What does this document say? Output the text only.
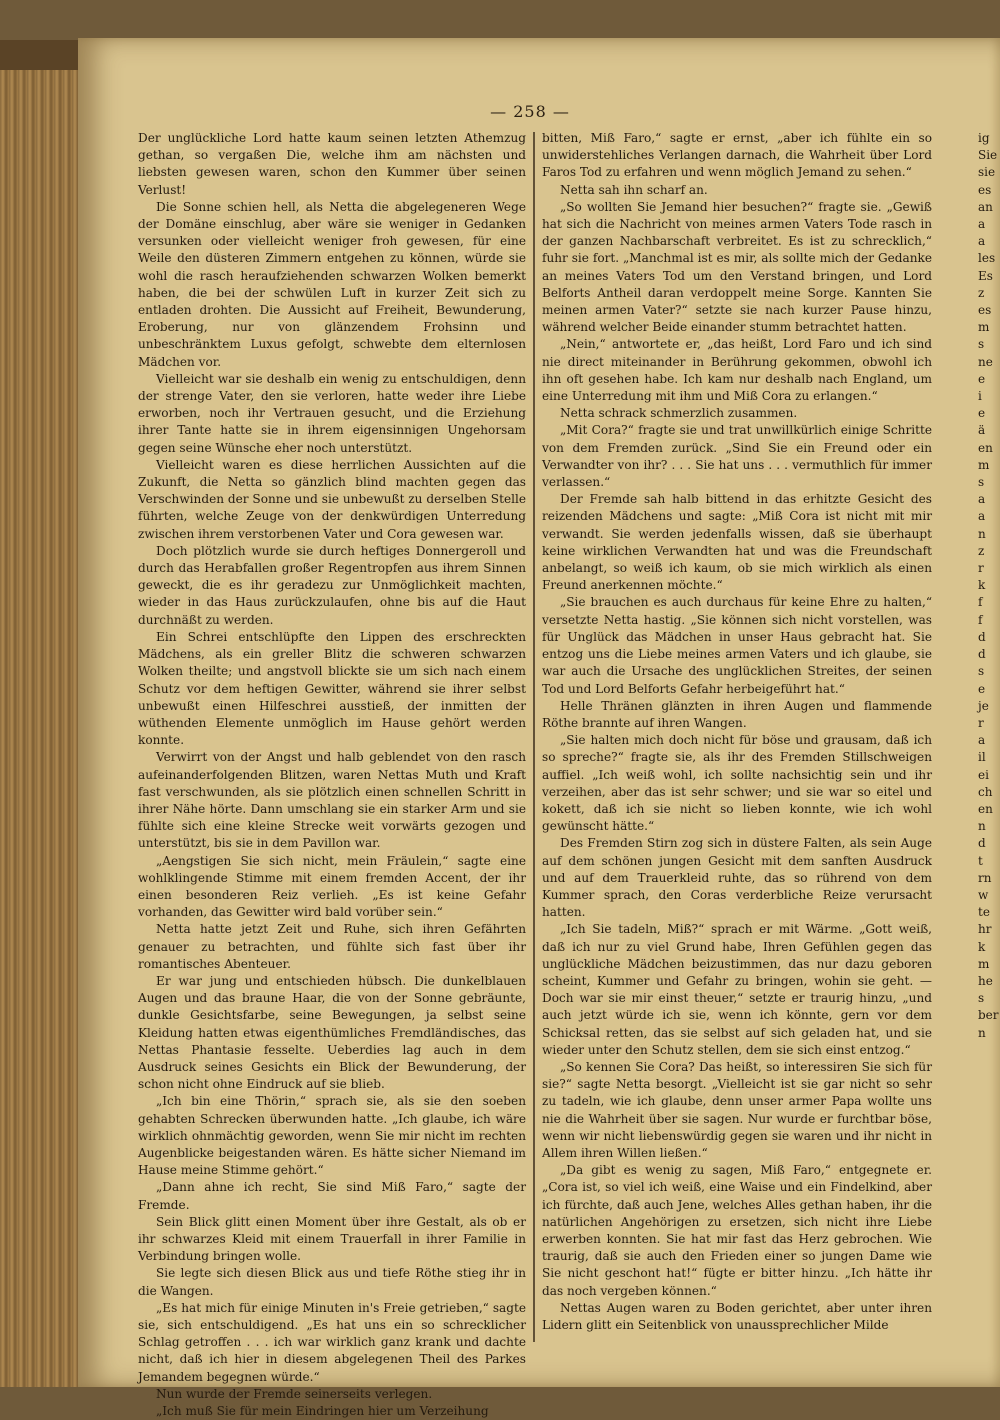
— 258 —

Der unglückliche Lord hatte kaum seinen letzten Athemzug gethan, so vergaßen Die, welche ihm am nächsten und liebsten gewesen waren, schon den Kummer über seinen Verlust!

Die Sonne schien hell, als Netta die abgelegeneren Wege der Domäne einschlug, aber wäre sie weniger in Gedanken versunken oder vielleicht weniger froh gewesen, für eine Weile den düsteren Zimmern entgehen zu können, würde sie wohl die rasch heraufziehenden schwarzen Wolken bemerkt haben, die bei der schwülen Luft in kurzer Zeit sich zu entladen drohten. Die Aussicht auf Freiheit, Bewunderung, Eroberung, nur von glänzendem Frohsinn und unbeschränktem Luxus gefolgt, schwebte dem elternlosen Mädchen vor.

Vielleicht war sie deshalb ein wenig zu entschuldigen, denn der strenge Vater, den sie verloren, hatte weder ihre Liebe erworben, noch ihr Vertrauen gesucht, und die Erziehung ihrer Tante hatte sie in ihrem eigensinnigen Ungehorsam gegen seine Wünsche eher noch unterstützt.

Vielleicht waren es diese herrlichen Aussichten auf die Zukunft, die Netta so gänzlich blind machten gegen das Verschwinden der Sonne und sie unbewußt zu derselben Stelle führten, welche Zeuge von der denkwürdigen Unterredung zwischen ihrem verstorbenen Vater und Cora gewesen war.

Doch plötzlich wurde sie durch heftiges Donnergeroll und durch das Herabfallen großer Regentropfen aus ihrem Sinnen geweckt, die es ihr geradezu zur Unmöglichkeit machten, wieder in das Haus zurückzulaufen, ohne bis auf die Haut durchnäßt zu werden.

Ein Schrei entschlüpfte den Lippen des erschreckten Mädchens, als ein greller Blitz die schweren schwarzen Wolken theilte; und angstvoll blickte sie um sich nach einem Schutz vor dem heftigen Gewitter, während sie ihrer selbst unbewußt einen Hilfeschrei ausstieß, der inmitten der wüthenden Elemente unmöglich im Hause gehört werden konnte.

Verwirrt von der Angst und halb geblendet von den rasch aufeinanderfolgenden Blitzen, waren Nettas Muth und Kraft fast verschwunden, als sie plötzlich einen schnellen Schritt in ihrer Nähe hörte. Dann umschlang sie ein starker Arm und sie fühlte sich eine kleine Strecke weit vorwärts gezogen und unterstützt, bis sie in dem Pavillon war.

„Aengstigen Sie sich nicht, mein Fräulein,“ sagte eine wohlklingende Stimme mit einem fremden Accent, der ihr einen besonderen Reiz verlieh. „Es ist keine Gefahr vorhanden, das Gewitter wird bald vorüber sein.“

Netta hatte jetzt Zeit und Ruhe, sich ihren Gefährten genauer zu betrachten, und fühlte sich fast über ihr romantisches Abenteuer.

Er war jung und entschieden hübsch. Die dunkelblauen Augen und das braune Haar, die von der Sonne gebräunte, dunkle Gesichtsfarbe, seine Bewegungen, ja selbst seine Kleidung hatten etwas eigenthümliches Fremdländisches, das Nettas Phantasie fesselte. Ueberdies lag auch in dem Ausdruck seines Gesichts ein Blick der Bewunderung, der schon nicht ohne Eindruck auf sie blieb.

„Ich bin eine Thörin,“ sprach sie, als sie den soeben gehabten Schrecken überwunden hatte. „Ich glaube, ich wäre wirklich ohnmächtig geworden, wenn Sie mir nicht im rechten Augenblicke beigestanden wären. Es hätte sicher Niemand im Hause meine Stimme gehört.“

„Dann ahne ich recht, Sie sind Miß Faro,“ sagte der Fremde.

Sein Blick glitt einen Moment über ihre Gestalt, als ob er ihr schwarzes Kleid mit einem Trauerfall in ihrer Familie in Verbindung bringen wolle.

Sie legte sich diesen Blick aus und tiefe Röthe stieg ihr in die Wangen.

„Es hat mich für einige Minuten in's Freie getrieben,“ sagte sie, sich entschuldigend. „Es hat uns ein so schrecklicher Schlag getroffen . . . ich war wirklich ganz krank und dachte nicht, daß ich hier in diesem abgelegenen Theil des Parkes Jemandem begegnen würde.“

Nun wurde der Fremde seinerseits verlegen.

„Ich muß Sie für mein Eindringen hier um Verzeihung

bitten, Miß Faro,“ sagte er ernst, „aber ich fühlte ein so unwiderstehliches Verlangen darnach, die Wahrheit über Lord Faros Tod zu erfahren und wenn möglich Jemand zu sehen.“

Netta sah ihn scharf an.

„So wollten Sie Jemand hier besuchen?“ fragte sie. „Gewiß hat sich die Nachricht von meines armen Vaters Tode rasch in der ganzen Nachbarschaft verbreitet. Es ist zu schrecklich,“ fuhr sie fort. „Manchmal ist es mir, als sollte mich der Gedanke an meines Vaters Tod um den Verstand bringen, und Lord Belforts Antheil daran verdoppelt meine Sorge. Kannten Sie meinen armen Vater?“ setzte sie nach kurzer Pause hinzu, während welcher Beide einander stumm betrachtet hatten.

„Nein,“ antwortete er, „das heißt, Lord Faro und ich sind nie direct miteinander in Berührung gekommen, obwohl ich ihn oft gesehen habe. Ich kam nur deshalb nach England, um eine Unterredung mit ihm und Miß Cora zu erlangen.“

Netta schrack schmerzlich zusammen.

„Mit Cora?“ fragte sie und trat unwillkürlich einige Schritte von dem Fremden zurück. „Sind Sie ein Freund oder ein Verwandter von ihr? . . . Sie hat uns . . . vermuthlich für immer verlassen.“

Der Fremde sah halb bittend in das erhitzte Gesicht des reizenden Mädchens und sagte: „Miß Cora ist nicht mit mir verwandt. Sie werden jedenfalls wissen, daß sie überhaupt keine wirklichen Verwandten hat und was die Freundschaft anbelangt, so weiß ich kaum, ob sie mich wirklich als einen Freund anerkennen möchte.“

„Sie brauchen es auch durchaus für keine Ehre zu halten,“ versetzte Netta hastig. „Sie können sich nicht vorstellen, was für Unglück das Mädchen in unser Haus gebracht hat. Sie entzog uns die Liebe meines armen Vaters und ich glaube, sie war auch die Ursache des unglücklichen Streites, der seinen Tod und Lord Belforts Gefahr herbeigeführt hat.“

Helle Thränen glänzten in ihren Augen und flammende Röthe brannte auf ihren Wangen.

„Sie halten mich doch nicht für böse und grausam, daß ich so spreche?“ fragte sie, als ihr des Fremden Stillschweigen auffiel. „Ich weiß wohl, ich sollte nachsichtig sein und ihr verzeihen, aber das ist sehr schwer; und sie war so eitel und kokett, daß ich sie nicht so lieben konnte, wie ich wohl gewünscht hätte.“

Des Fremden Stirn zog sich in düstere Falten, als sein Auge auf dem schönen jungen Gesicht mit dem sanften Ausdruck und auf dem Trauerkleid ruhte, das so rührend von dem Kummer sprach, den Coras verderbliche Reize verursacht hatten.

„Ich Sie tadeln, Miß?“ sprach er mit Wärme. „Gott weiß, daß ich nur zu viel Grund habe, Ihren Gefühlen gegen das unglückliche Mädchen beizustimmen, das nur dazu geboren scheint, Kummer und Gefahr zu bringen, wohin sie geht. — Doch war sie mir einst theuer,“ setzte er traurig hinzu, „und auch jetzt würde ich sie, wenn ich könnte, gern vor dem Schicksal retten, das sie selbst auf sich geladen hat, und sie wieder unter den Schutz stellen, dem sie sich einst entzog.“

„So kennen Sie Cora? Das heißt, so interessiren Sie sich für sie?“ sagte Netta besorgt. „Vielleicht ist sie gar nicht so sehr zu tadeln, wie ich glaube, denn unser armer Papa wollte uns nie die Wahrheit über sie sagen. Nur wurde er furchtbar böse, wenn wir nicht liebenswürdig gegen sie waren und ihr nicht in Allem ihren Willen ließen.“

„Da gibt es wenig zu sagen, Miß Faro,“ entgegnete er. „Cora ist, so viel ich weiß, eine Waise und ein Findelkind, aber ich fürchte, daß auch Jene, welches Alles gethan haben, ihr die natürlichen Angehörigen zu ersetzen, sich nicht ihre Liebe erwerben konnten. Sie hat mir fast das Herz gebrochen. Wie traurig, daß sie auch den Frieden einer so jungen Dame wie Sie nicht geschont hat!“ fügte er bitter hinzu. „Ich hätte ihr das noch vergeben können.“

Nettas Augen waren zu Boden gerichtet, aber unter ihren Lidern glitt ein Seitenblick von unaussprechlicher Milde

ig
Sie
sie
es
an
a
a
les
Es
z
es
m
s
ne
e
i
e
ä
en
m
s
a
a
n
z
r
k
f
f
d
d
s
e
je
r
a
il
ei
ch
en
n
d
t
rn
w
te
hr
k
m
he
s
ber
n
